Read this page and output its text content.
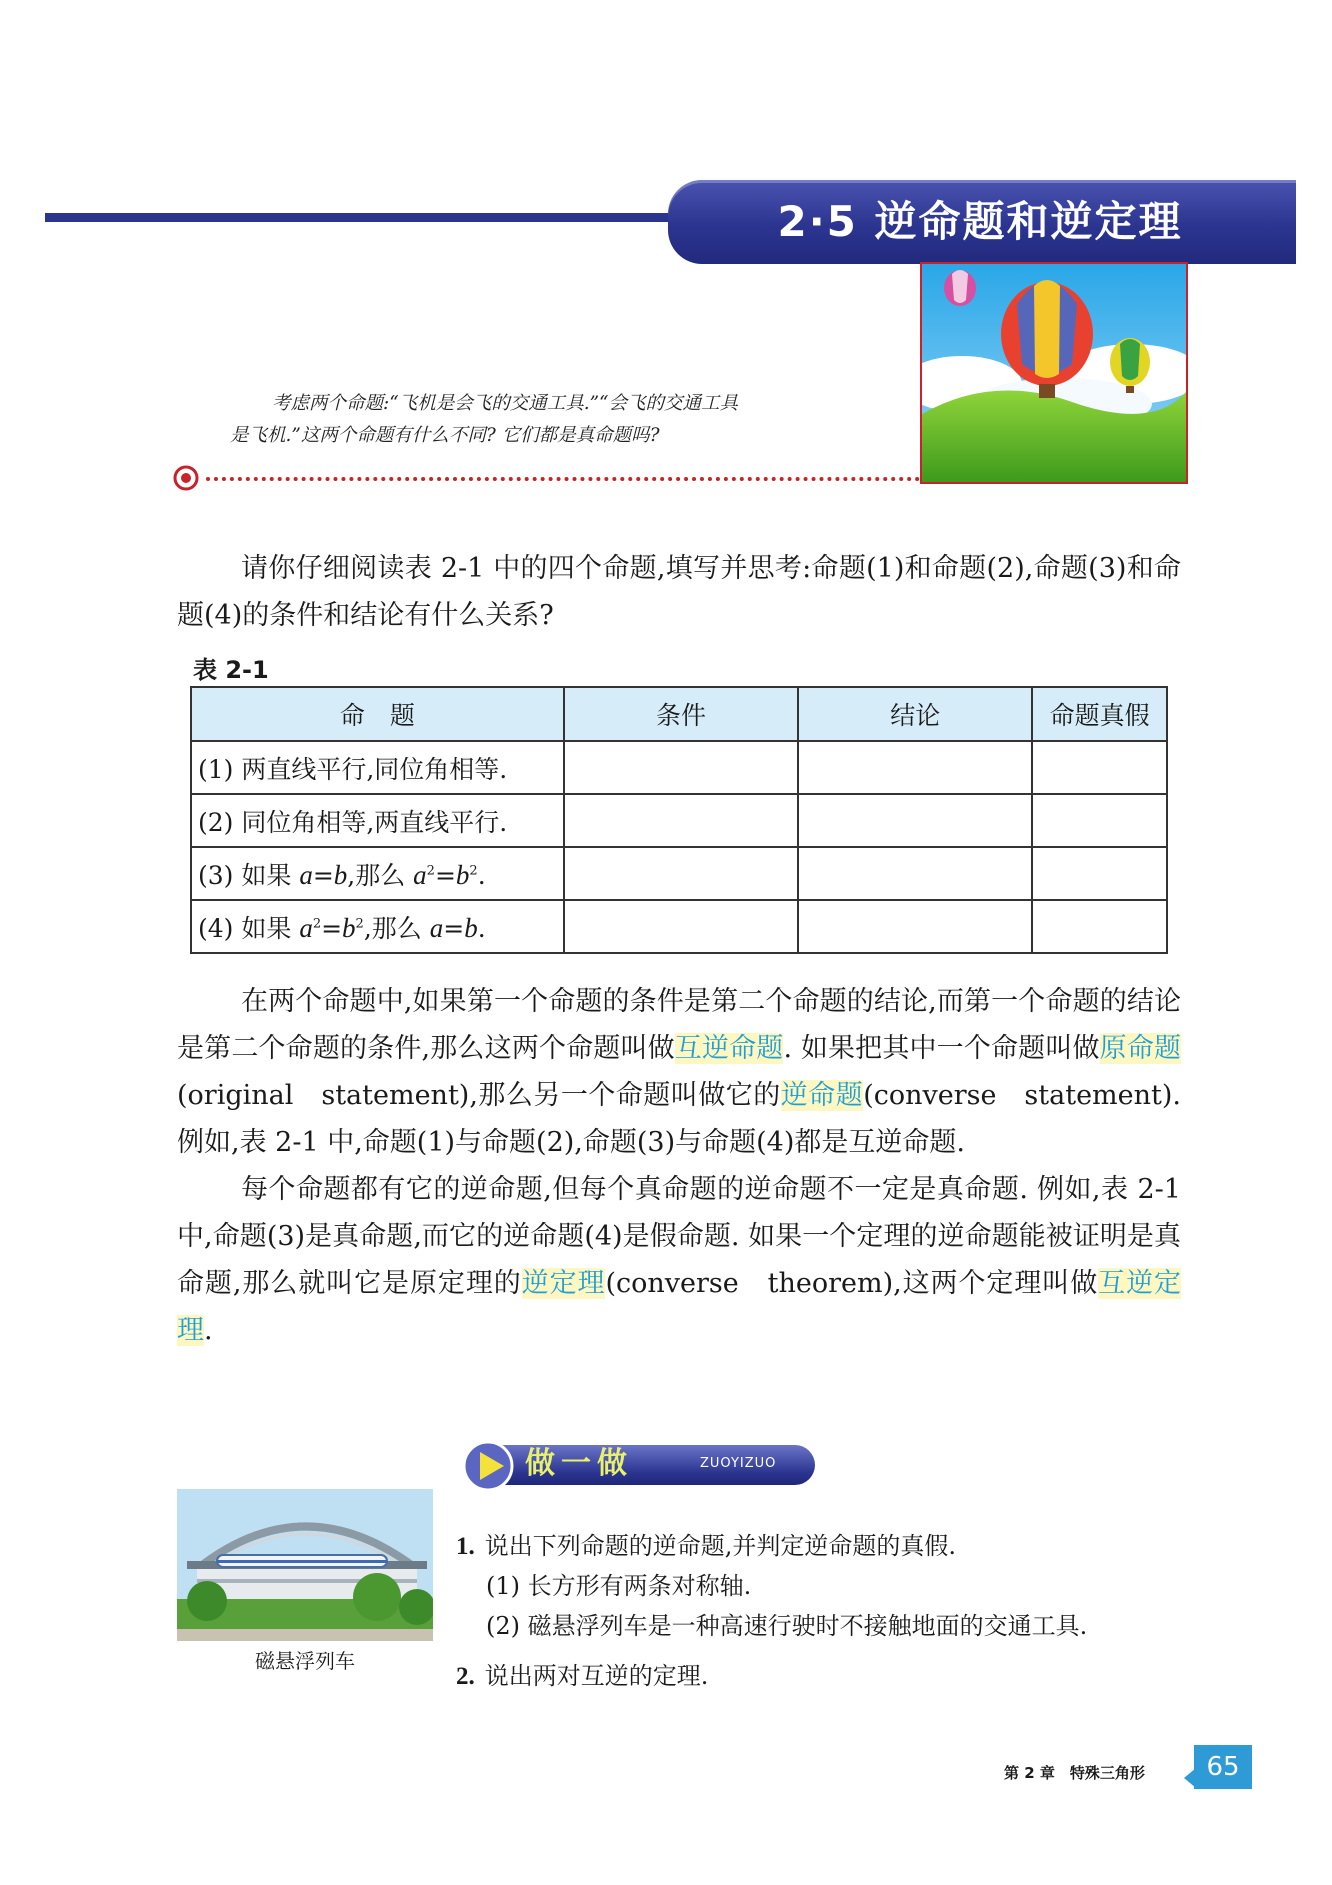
2·5 逆命题和逆定理

考虑两个命题:“飞机是会飞的交通工具.”“会飞的交通工具

是飞机.”这两个命题有什么不同? 它们都是真命题吗?

请你仔细阅读表 2-1 中的四个命题,填写并思考:命题(1)和命题(2),命题(3)和命题(4)的条件和结论有什么关系?

表 2-1
命　题	条件	结论	命题真假
(1) 两直线平行,同位角相等.			
(2) 同位角相等,两直线平行.			
(3) 如果 a=b,那么 $a^2=b^2$.			
(4) 如果 $a^2=b^2$,那么 a=b.			

在两个命题中,如果第一个命题的条件是第二个命题的结论,而第一个命题的结论是第二个命题的条件,那么这两个命题叫做互逆命题. 如果把其中一个命题叫做原命题(original　statement),那么另一个命题叫做它的逆命题(converse　statement). 例如,表 2-1 中,命题(1)与命题(2),命题(3)与命题(4)都是互逆命题.

每个命题都有它的逆命题,但每个真命题的逆命题不一定是真命题. 例如,表 2-1 中,命题(3)是真命题,而它的逆命题(4)是假命题. 如果一个定理的逆命题能被证明是真命题,那么就叫它是原定理的逆定理(converse　theorem),这两个定理叫做互逆定理.

做一做	ZUOYIZUO
磁悬浮列车
1. 说出下列命题的逆命题,并判定逆命题的真假.
(1) 长方形有两条对称轴.
(2) 磁悬浮列车是一种高速行驶时不接触地面的交通工具.
2. 说出两对互逆的定理.
第 2 章　特殊三角形	65
